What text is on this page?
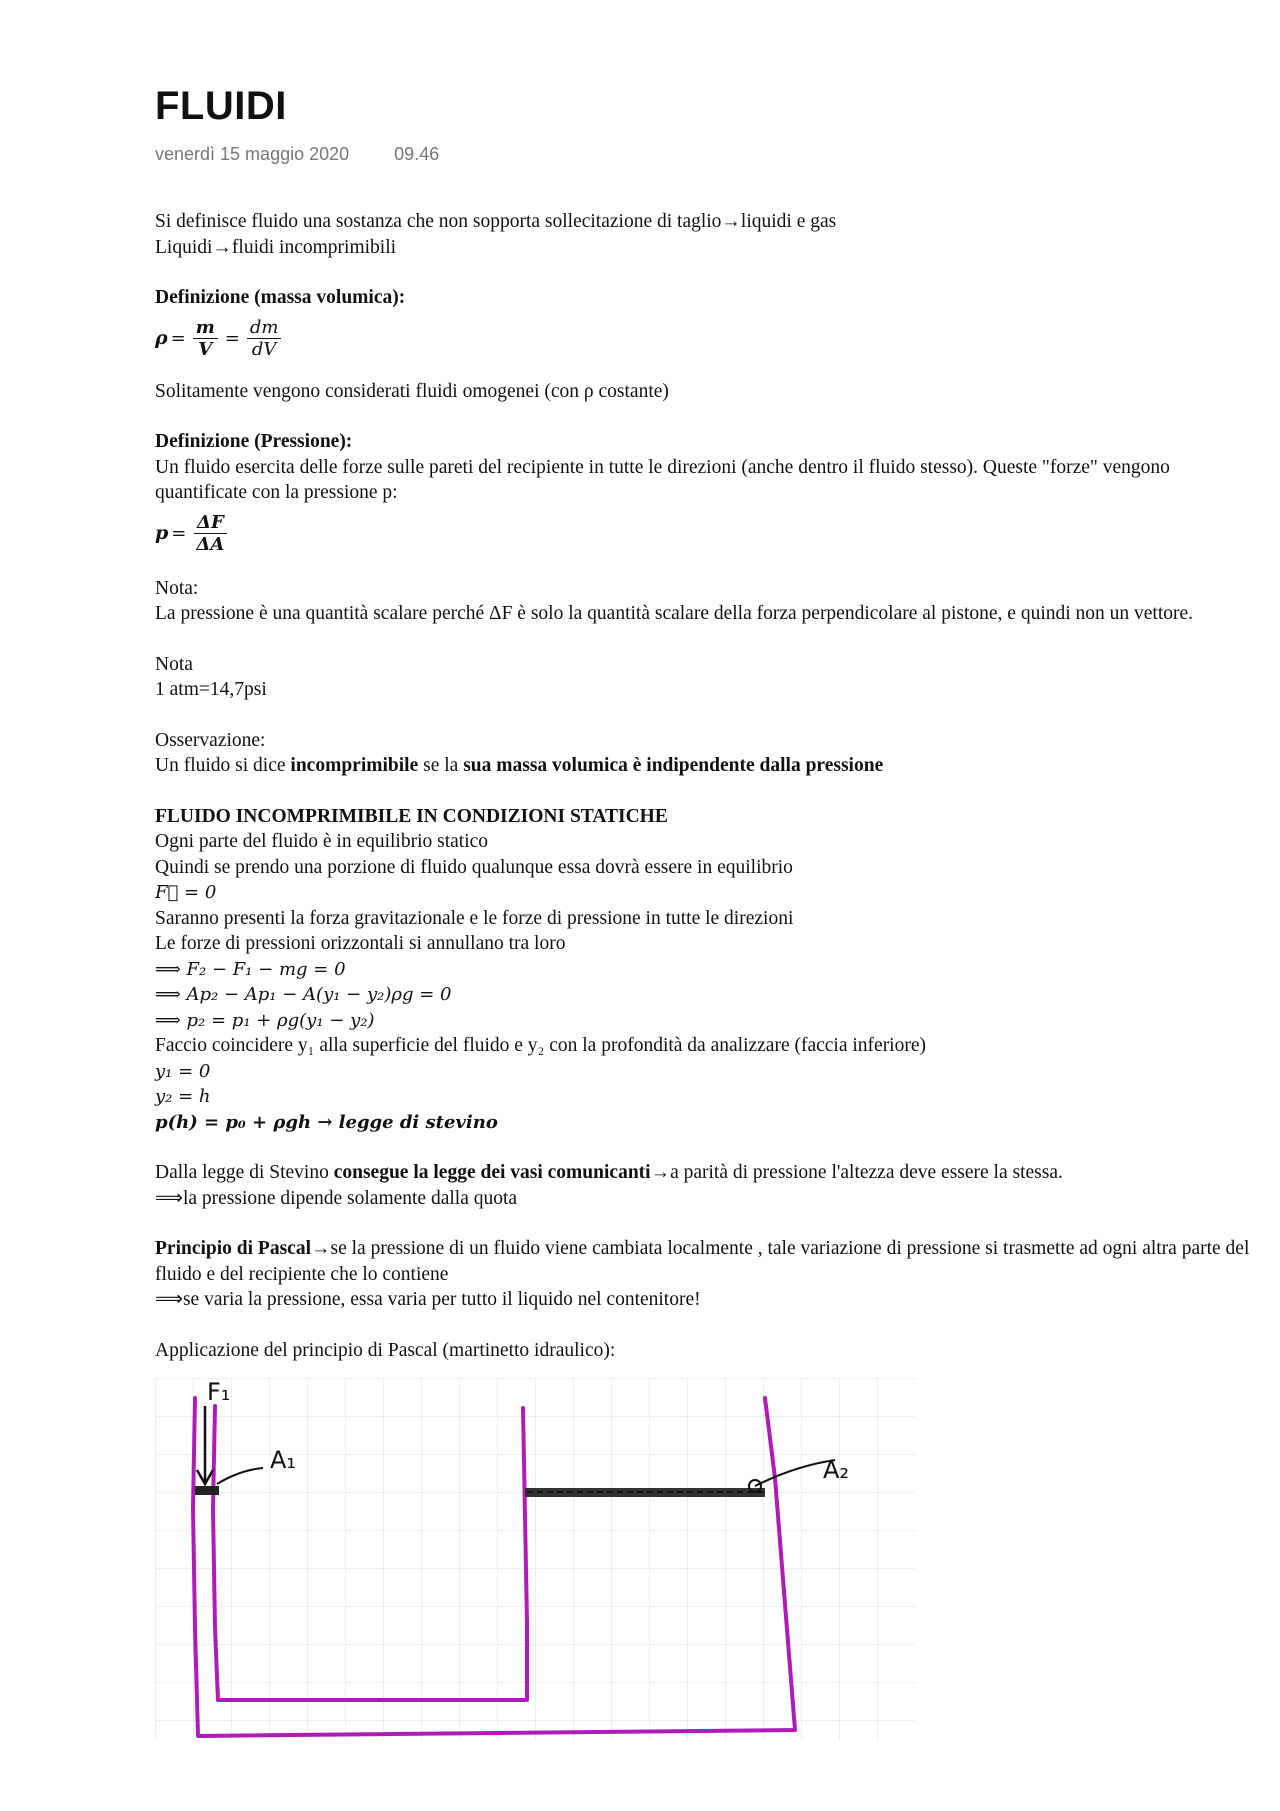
FLUIDI
venerdì 15 maggio 2020	09.46

Si definisce fluido una sostanza che non sopporta sollecitazione di taglio→liquidi e gas

Liquidi→fluidi incomprimibili

Definizione (massa volumica):

$\rho = \frac{m}{V} = \frac{dm}{dV}$

Solitamente vengono considerati fluidi omogenei (con ρ costante)

Definizione (Pressione):

Un fluido esercita delle forze sulle pareti del recipiente in tutte le direzioni (anche dentro il fluido stesso). Queste "forze" vengono quantificate con la pressione p:

$p = \frac{\Delta F}{\Delta A}$

Nota:

La pressione è una quantità scalare perché ΔF è solo la quantità scalare della forza perpendicolare al pistone, e quindi non un vettore.

Nota

1 atm=14,7psi

Osservazione:

Un fluido si dice incomprimibile se la sua massa volumica è indipendente dalla pressione

FLUIDO INCOMPRIMIBILE IN CONDIZIONI STATICHE

Ogni parte del fluido è in equilibrio statico

Quindi se prendo una porzione di fluido qualunque essa dovrà essere in equilibrio

F⃗ = 0

Saranno presenti la forza gravitazionale e le forze di pressione in tutte le direzioni

Le forze di pressioni orizzontali si annullano tra loro

⟹ F₂ − F₁ − mg = 0

⟹ Ap₂ − Ap₁ − A(y₁ − y₂)ρg = 0

⟹ p₂ = p₁ + ρg(y₁ − y₂)

Faccio coincidere y₁ alla superficie del fluido e y₂ con la profondità da analizzare (faccia inferiore)

y₁ = 0

y₂ = h

p(h) = p₀ + ρgh → legge di stevino

Dalla legge di Stevino consegue la legge dei vasi comunicanti→a parità di pressione l'altezza deve essere la stessa.

⟹la pressione dipende solamente dalla quota

Principio di Pascal→se la pressione di un fluido viene cambiata localmente , tale variazione di pressione si trasmette ad ogni altra parte del fluido e del recipiente che lo contiene

⟹se varia la pressione, essa varia per tutto il liquido nel contenitore!

Applicazione del principio di Pascal (martinetto idraulico):

F₁
A₁	A₂
